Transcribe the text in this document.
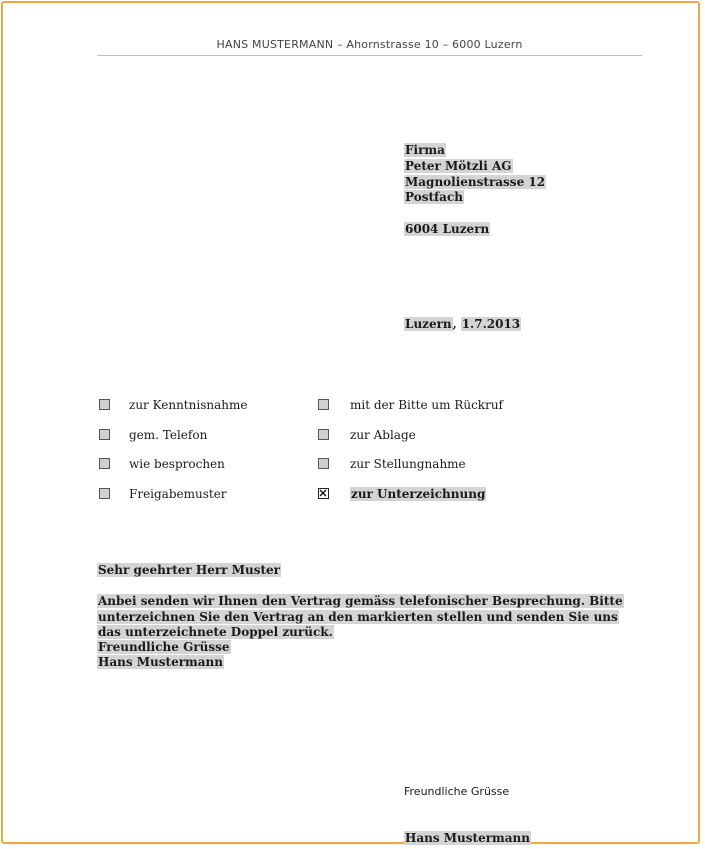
HANS MUSTERMANN – Ahornstrasse 10 – 6000 Luzern
Firma
Peter Mötzli AG
Magnolienstrasse 12
Postfach
6004 Luzern
Luzern, 1.7.2013
zur Kenntnisnahme
gem. Telefon
wie besprochen
Freigabemuster
mit der Bitte um Rückruf
zur Ablage
zur Stellungnahme
zur Unterzeichnung
Sehr geehrter Herr Muster
Anbei senden wir Ihnen den Vertrag gemäss telefonischer Besprechung. Bitte unterzeichnen Sie den Vertrag an den markierten stellen und senden Sie uns das unterzeichnete Doppel zurück.
Freundliche Grüsse
Hans Mustermann
Freundliche Grüsse
Hans Mustermann
